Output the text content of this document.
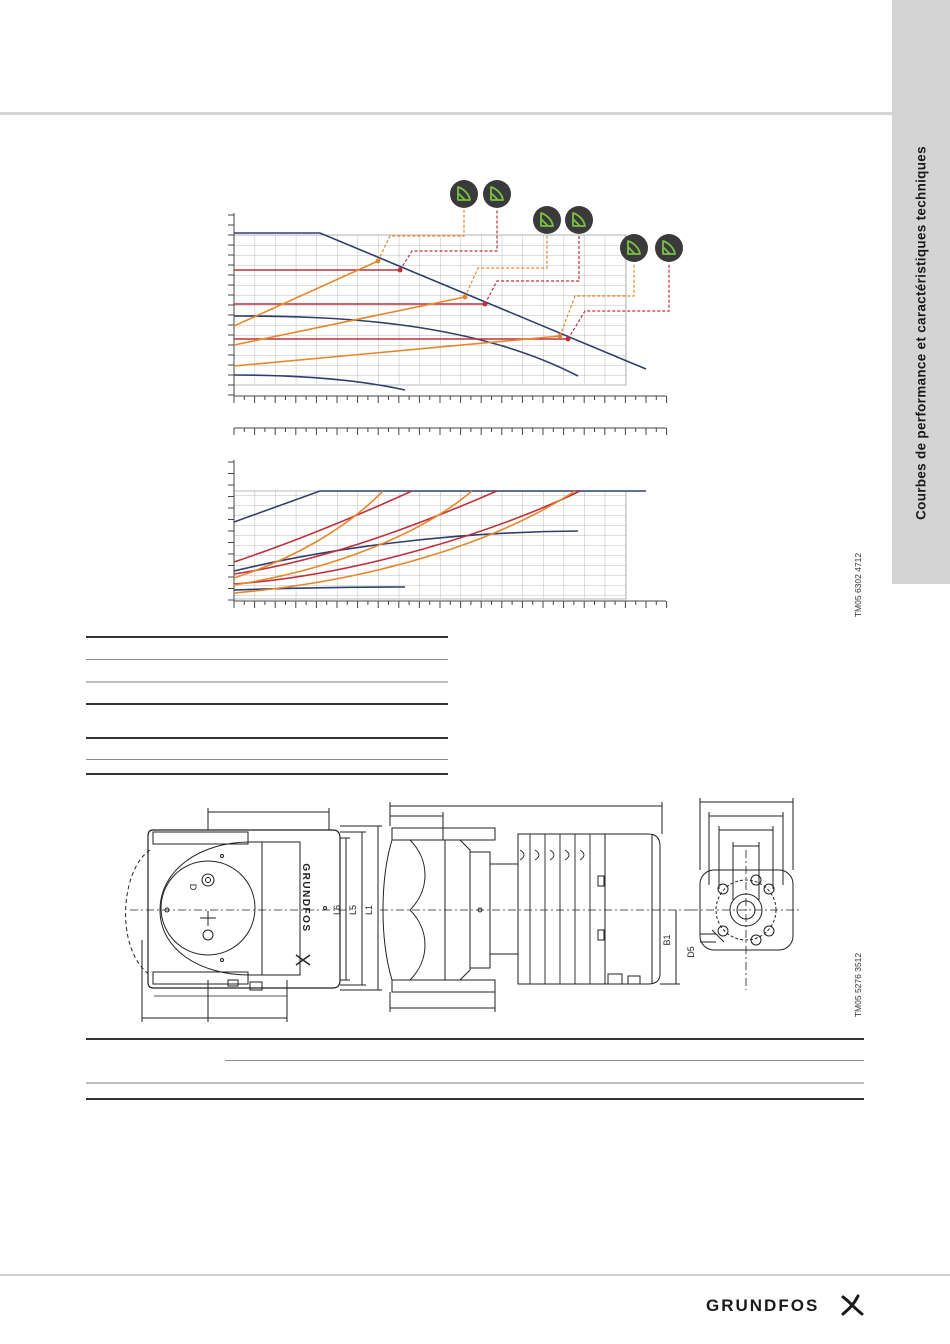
Courbes de performance et caractéristiques techniques
TM05 6302 4712
L6 L5 L1
B1
D5
GRUNDFOS
D
TM05 5276 3512
GRUNDFOS
